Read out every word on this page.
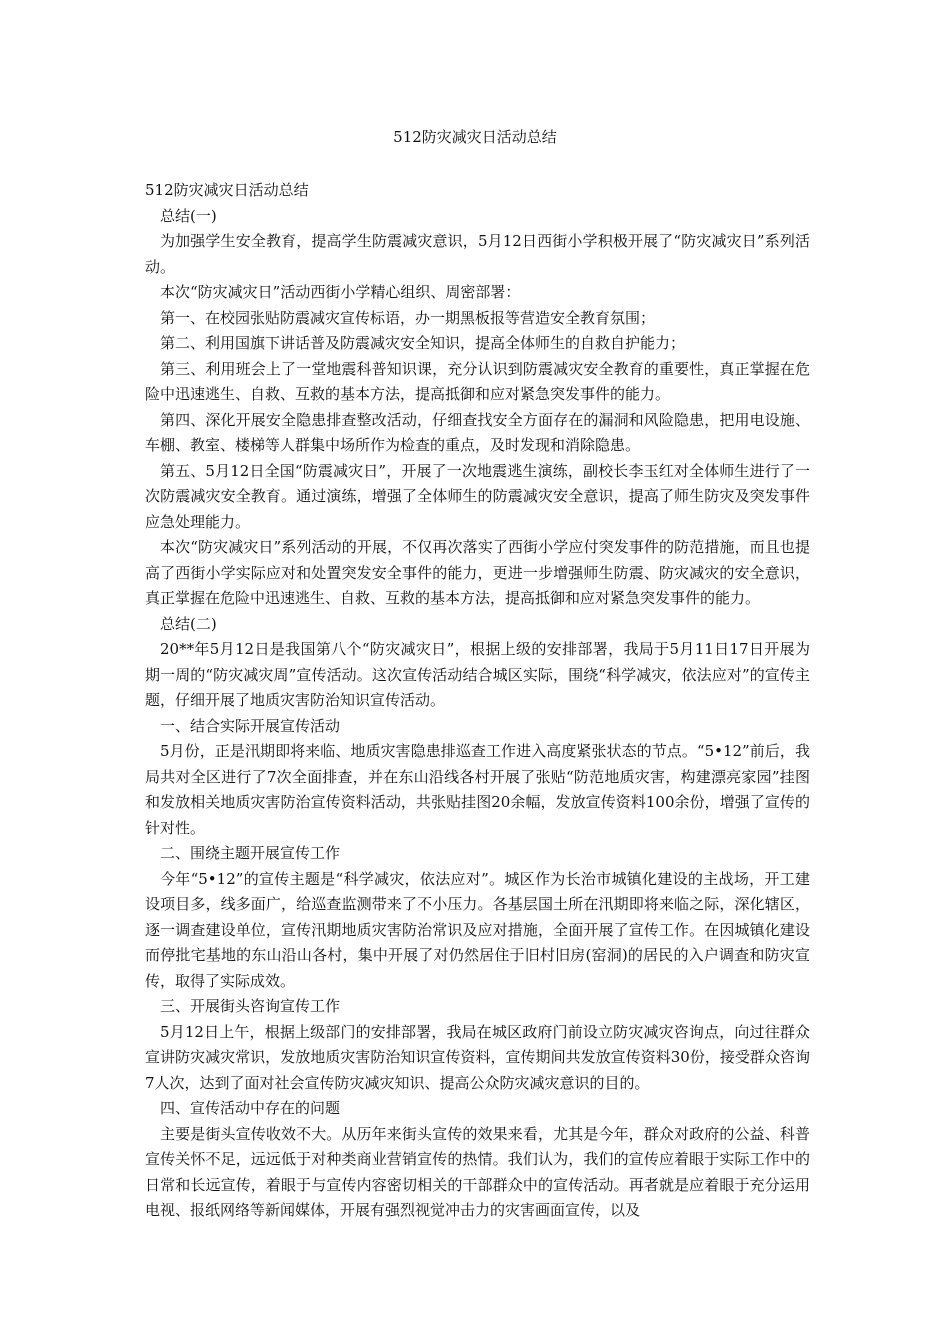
512防灾减灾日活动总结

512防灾减灾日活动总结

总结(一)

为加强学生安全教育，提高学生防震减灾意识，5月12日西街小学积极开展了“防灾减灾日”系列活动。

本次“防灾减灾日”活动西街小学精心组织、周密部署：

第一、在校园张贴防震减灾宣传标语，办一期黑板报等营造安全教育氛围；

第二、利用国旗下讲话普及防震减灾安全知识，提高全体师生的自救自护能力；

第三、利用班会上了一堂地震科普知识课，充分认识到防震减灾安全教育的重要性，真正掌握在危险中迅速逃生、自救、互救的基本方法，提高抵御和应对紧急突发事件的能力。

第四、深化开展安全隐患排查整改活动，仔细查找安全方面存在的漏洞和风险隐患，把用电设施、车棚、教室、楼梯等人群集中场所作为检查的重点，及时发现和消除隐患。

第五、5月12日全国“防震减灾日”，开展了一次地震逃生演练，副校长李玉红对全体师生进行了一次防震减灾安全教育。通过演练，增强了全体师生的防震减灾安全意识，提高了师生防灾及突发事件应急处理能力。

本次“防灾减灾日”系列活动的开展，不仅再次落实了西街小学应付突发事件的防范措施，而且也提高了西街小学实际应对和处置突发安全事件的能力，更进一步增强师生防震、防灾减灾的安全意识，真正掌握在危险中迅速逃生、自救、互救的基本方法，提高抵御和应对紧急突发事件的能力。

总结(二)

20**年5月12日是我国第八个“防灾减灾日”，根据上级的安排部署，我局于5月11日17日开展为期一周的“防灾减灾周”宣传活动。这次宣传活动结合城区实际，围绕“科学减灾，依法应对”的宣传主题，仔细开展了地质灾害防治知识宣传活动。

一、结合实际开展宣传活动

5月份，正是汛期即将来临、地质灾害隐患排巡查工作进入高度紧张状态的节点。“5•12”前后，我局共对全区进行了7次全面排查，并在东山沿线各村开展了张贴“防范地质灾害，构建漂亮家园”挂图和发放相关地质灾害防治宣传资料活动，共张贴挂图20余幅，发放宣传资料100余份，增强了宣传的针对性。

二、围绕主题开展宣传工作

今年“5•12”的宣传主题是“科学减灾，依法应对”。城区作为长治市城镇化建设的主战场，开工建设项目多，线多面广，给巡查监测带来了不小压力。各基层国土所在汛期即将来临之际，深化辖区，逐一调查建设单位，宣传汛期地质灾害防治常识及应对措施，全面开展了宣传工作。在因城镇化建设而停批宅基地的东山沿山各村，集中开展了对仍然居住于旧村旧房(窑洞)的居民的入户调查和防灾宣传，取得了实际成效。

三、开展街头咨询宣传工作

5月12日上午，根据上级部门的安排部署，我局在城区政府门前设立防灾减灾咨询点，向过往群众宣讲防灾减灾常识，发放地质灾害防治知识宣传资料，宣传期间共发放宣传资料30份，接受群众咨询7人次，达到了面对社会宣传防灾减灾知识、提高公众防灾减灾意识的目的。

四、宣传活动中存在的问题

主要是街头宣传收效不大。从历年来街头宣传的效果来看，尤其是今年，群众对政府的公益、科普宣传关怀不足，远远低于对种类商业营销宣传的热情。我们认为，我们的宣传应着眼于实际工作中的日常和长远宣传，着眼于与宣传内容密切相关的干部群众中的宣传活动。再者就是应着眼于充分运用电视、报纸网络等新闻媒体，开展有强烈视觉冲击力的灾害画面宣传，以及
